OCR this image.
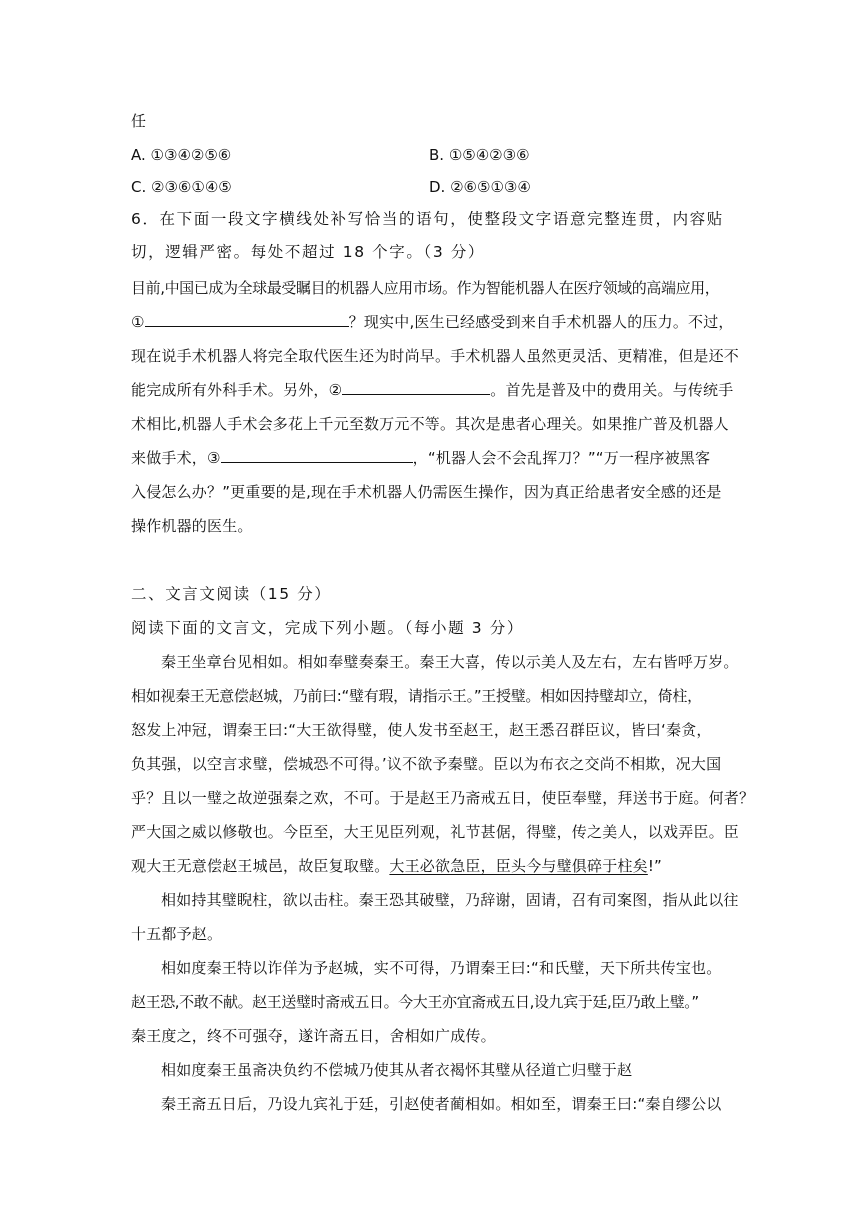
任
A. ①③④②⑤⑥	B. ①⑤④②③⑥
C. ②③⑥①④⑤	D. ②⑥⑤①③④
6．在下面一段文字横线处补写恰当的语句，使整段文字语意完整连贯，内容贴
切，逻辑严密。每处不超过 18 个字。（3 分）
目前,中国已成为全球最受瞩目的机器人应用市场。作为智能机器人在医疗领域的高端应用，
①	？现实中,医生已经感受到来自手术机器人的压力。不过，
现在说手术机器人将完全取代医生还为时尚早。手术机器人虽然更灵活、更精准，但是还不
能完成所有外科手术。另外，②	。首先是普及中的费用关。与传统手
术相比,机器人手术会多花上千元至数万元不等。其次是患者心理关。如果推广普及机器人
来做手术，③	，“机器人会不会乱挥刀？”“万一程序被黑客
入侵怎么办？”更重要的是,现在手术机器人仍需医生操作，因为真正给患者安全感的还是
操作机器的医生。
二、文言文阅读（15 分）
阅读下面的文言文，完成下列小题。（每小题 3 分）
秦王坐章台见相如。相如奉璧奏秦王。秦王大喜，传以示美人及左右，左右皆呼万岁。
相如视秦王无意偿赵城，乃前曰:“璧有瑕，请指示王。”王授璧。相如因持璧却立，倚柱，
怒发上冲冠，谓秦王曰:“大王欲得璧，使人发书至赵王，赵王悉召群臣议，皆曰‘秦贪，
负其强，以空言求璧，偿城恐不可得。’议不欲予秦璧。臣以为布衣之交尚不相欺，况大国
乎？且以一璧之故逆强秦之欢，不可。于是赵王乃斋戒五日，使臣奉璧，拜送书于庭。何者？
严大国之威以修敬也。今臣至，大王见臣列观，礼节甚倨，得璧，传之美人，以戏弄臣。臣
观大王无意偿赵王城邑，故臣复取璧。大王必欲急臣，臣头今与璧俱碎于柱矣!”
相如持其璧睨柱，欲以击柱。秦王恐其破璧，乃辞谢，固请，召有司案图，指从此以往
十五都予赵。
相如度秦王特以诈佯为予赵城，实不可得，乃谓秦王曰:“和氏璧，天下所共传宝也。
赵王恐,不敢不献。赵王送璧时斋戒五日。今大王亦宜斋戒五日,设九宾于廷,臣乃敢上璧。”
秦王度之，终不可强夺，遂许斋五日，舍相如广成传。
相如度秦王虽斋决负约不偿城乃使其从者衣褐怀其璧从径道亡归璧于赵
秦王斋五日后，乃设九宾礼于廷，引赵使者蔺相如。相如至，谓秦王曰:“秦自缪公以
